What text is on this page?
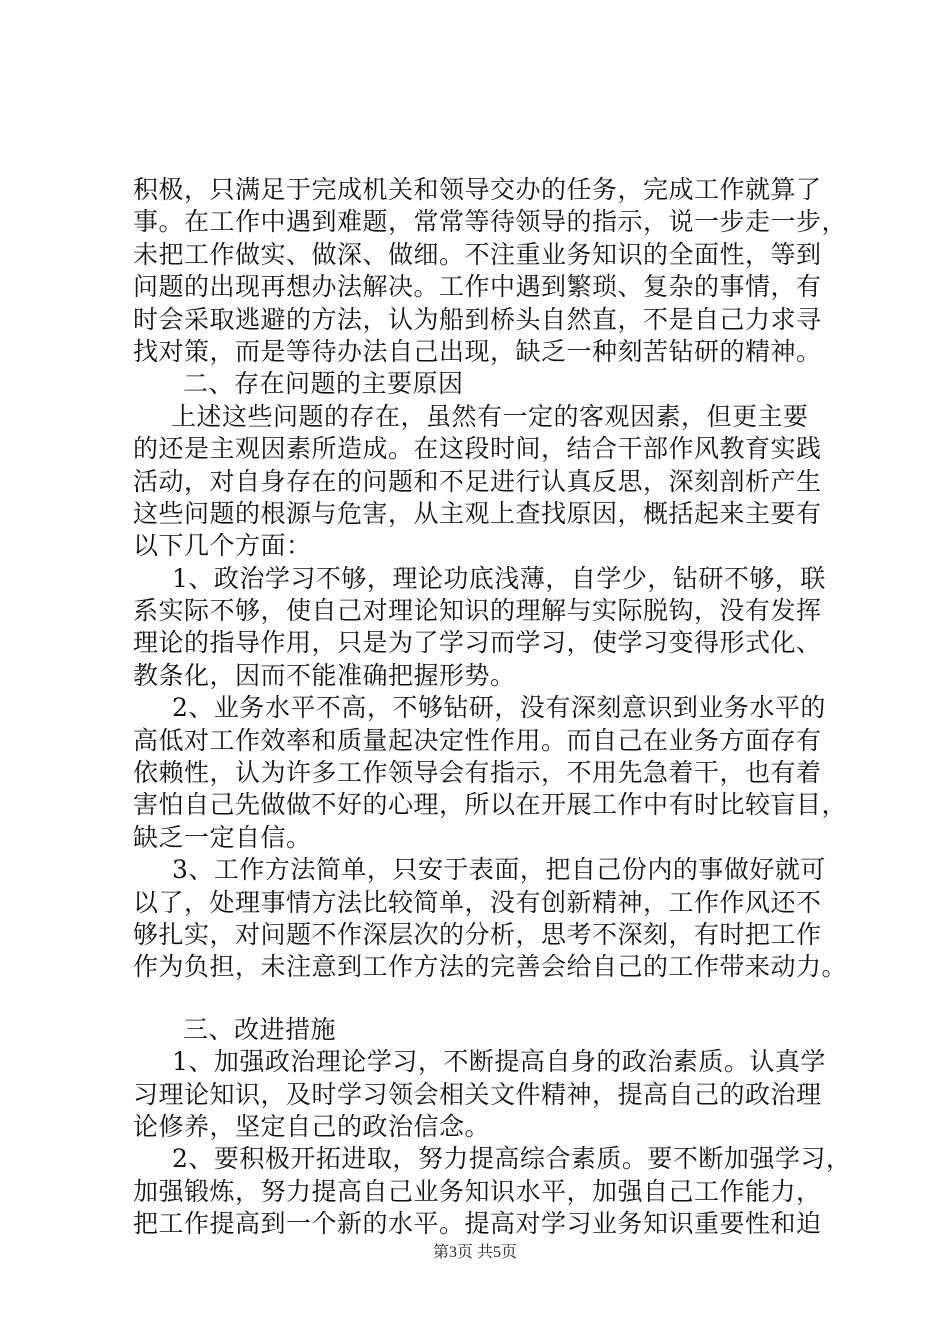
积极，只满足于完成机关和领导交办的任务，完成工作就算了
事。在工作中遇到难题，常常等待领导的指示，说一步走一步，
未把工作做实、做深、做细。不注重业务知识的全面性，等到
问题的出现再想办法解决。工作中遇到繁琐、复杂的事情，有
时会采取逃避的方法，认为船到桥头自然直，不是自己力求寻
找对策，而是等待办法自己出现，缺乏一种刻苦钻研的精神。
二、存在问题的主要原因
上述这些问题的存在，虽然有一定的客观因素，但更主要
的还是主观因素所造成。在这段时间，结合干部作风教育实践
活动，对自身存在的问题和不足进行认真反思，深刻剖析产生
这些问题的根源与危害，从主观上查找原因，概括起来主要有
以下几个方面：
1、政治学习不够，理论功底浅薄，自学少，钻研不够，联
系实际不够，使自己对理论知识的理解与实际脱钩，没有发挥
理论的指导作用，只是为了学习而学习，使学习变得形式化、
教条化，因而不能准确把握形势。
2、业务水平不高，不够钻研，没有深刻意识到业务水平的
高低对工作效率和质量起决定性作用。而自己在业务方面存有
依赖性，认为许多工作领导会有指示，不用先急着干，也有着
害怕自己先做做不好的心理，所以在开展工作中有时比较盲目，
缺乏一定自信。
3、工作方法简单，只安于表面，把自己份内的事做好就可
以了，处理事情方法比较简单，没有创新精神，工作作风还不
够扎实，对问题不作深层次的分析，思考不深刻，有时把工作
作为负担，未注意到工作方法的完善会给自己的工作带来动力。
三、改进措施
1、加强政治理论学习，不断提高自身的政治素质。认真学
习理论知识，及时学习领会相关文件精神，提高自己的政治理
论修养，坚定自己的政治信念。
2、要积极开拓进取，努力提高综合素质。要不断加强学习，
加强锻炼，努力提高自己业务知识水平，加强自己工作能力，
把工作提高到一个新的水平。提高对学习业务知识重要性和迫
第3页 共5页
